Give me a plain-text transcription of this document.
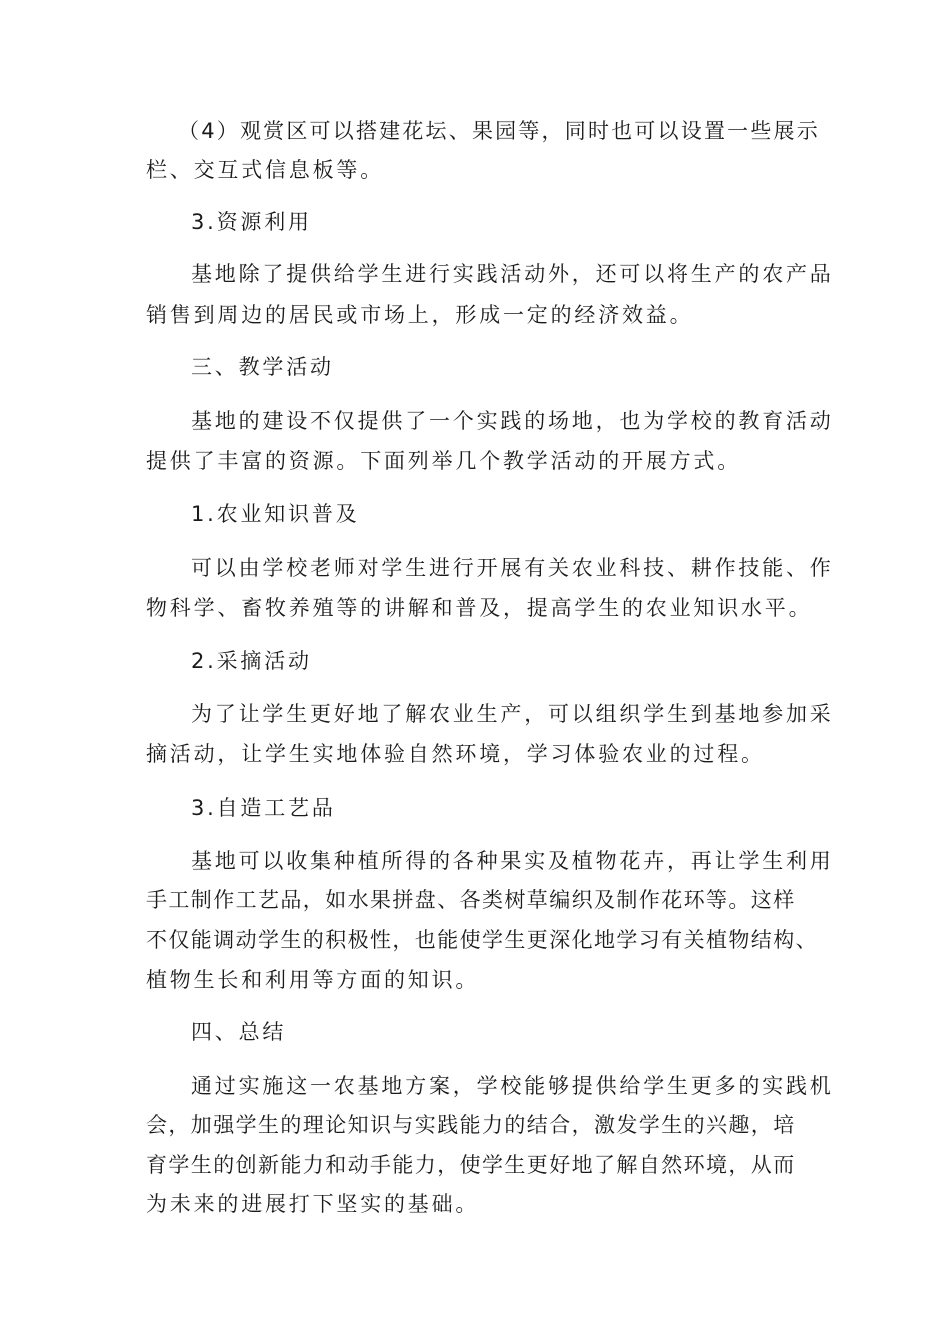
（4）观赏区可以搭建花坛、果园等，同时也可以设置一些展示
栏、交互式信息板等。
3.资源利用
基地除了提供给学生进行实践活动外，还可以将生产的农产品
销售到周边的居民或市场上，形成一定的经济效益。
三、教学活动
基地的建设不仅提供了一个实践的场地，也为学校的教育活动
提供了丰富的资源。下面列举几个教学活动的开展方式。
1.农业知识普及
可以由学校老师对学生进行开展有关农业科技、耕作技能、作
物科学、畜牧养殖等的讲解和普及，提高学生的农业知识水平。
2.采摘活动
为了让学生更好地了解农业生产，可以组织学生到基地参加采
摘活动，让学生实地体验自然环境，学习体验农业的过程。
3.自造工艺品
基地可以收集种植所得的各种果实及植物花卉，再让学生利用
手工制作工艺品，如水果拼盘、各类树草编织及制作花环等。这样
不仅能调动学生的积极性，也能使学生更深化地学习有关植物结构、
植物生长和利用等方面的知识。
四、总结
通过实施这一农基地方案，学校能够提供给学生更多的实践机
会，加强学生的理论知识与实践能力的结合，激发学生的兴趣，培
育学生的创新能力和动手能力，使学生更好地了解自然环境，从而
为未来的进展打下坚实的基础。
